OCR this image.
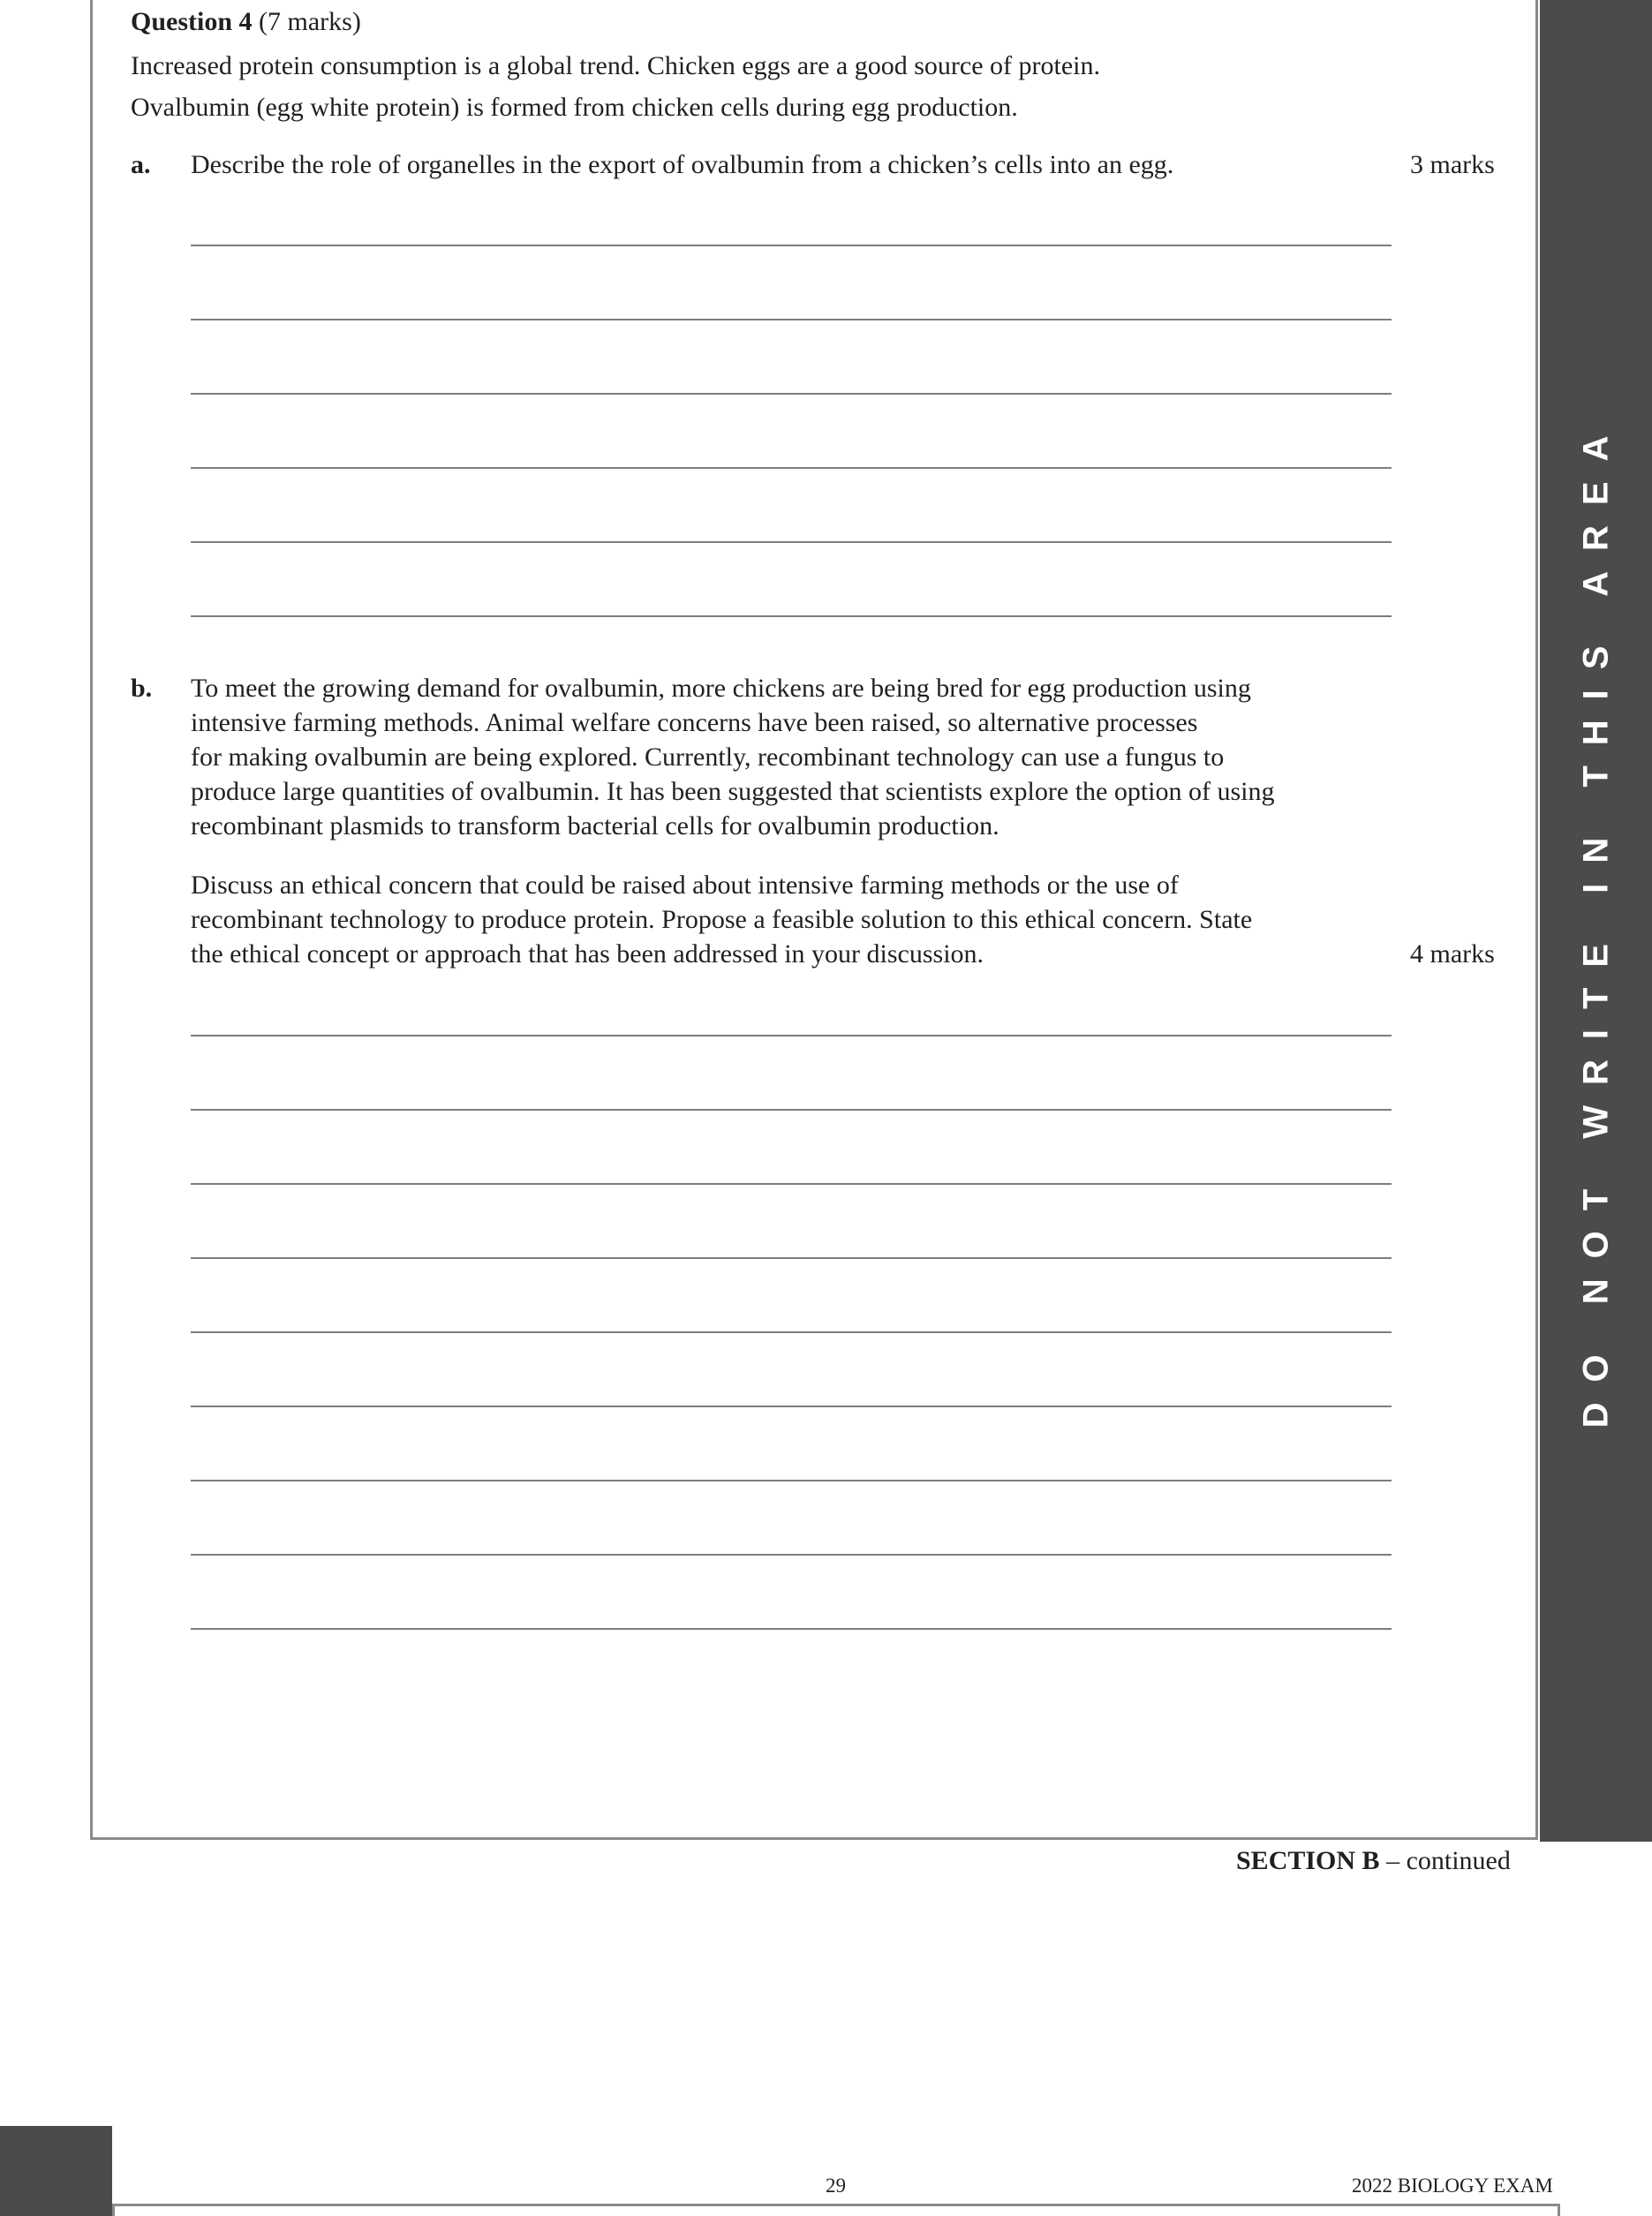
DO NOT WRITE IN THIS AREA
Question 4 (7 marks)
Increased protein consumption is a global trend. Chicken eggs are a good source of protein.
Ovalbumin (egg white protein) is formed from chicken cells during egg production.
a. Describe the role of organelles in the export of ovalbumin from a chicken’s cells into an egg.	3 marks
b. To meet the growing demand for ovalbumin, more chickens are being bred for egg production using
intensive farming methods. Animal welfare concerns have been raised, so alternative processes
for making ovalbumin are being explored. Currently, recombinant technology can use a fungus to
produce large quantities of ovalbumin. It has been suggested that scientists explore the option of using
recombinant plasmids to transform bacterial cells for ovalbumin production.
Discuss an ethical concern that could be raised about intensive farming methods or the use of
recombinant technology to produce protein. Propose a feasible solution to this ethical concern. State
the ethical concept or approach that has been addressed in your discussion.	4 marks
SECTION B – continued
29	2022 BIOLOGY EXAM
